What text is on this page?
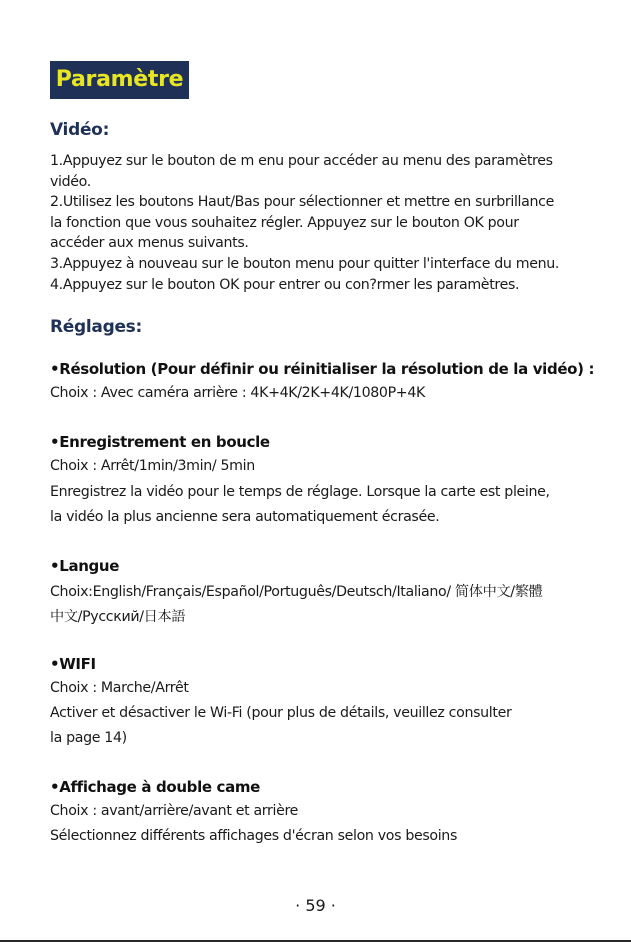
Paramètre
Vidéo:
1.Appuyez sur le bouton de m enu pour accéder au menu des paramètres
vidéo.
2.Utilisez les boutons Haut/Bas pour sélectionner et mettre en surbrillance
la fonction que vous souhaitez régler. Appuyez sur le bouton OK pour
accéder aux menus suivants.
3.Appuyez à nouveau sur le bouton menu pour quitter l'interface du menu.
4.Appuyez sur le bouton OK pour entrer ou con?rmer les paramètres.
Réglages:
•Résolution (Pour définir ou réinitialiser la résolution de la vidéo) :
Choix : Avec caméra arrière : 4K+4K/2K+4K/1080P+4K
•Enregistrement en boucle
Choix : Arrêt/1min/3min/ 5min
Enregistrez la vidéo pour le temps de réglage. Lorsque la carte est pleine,
la vidéo la plus ancienne sera automatiquement écrasée.
•Langue
Choix:English/Français/Español/Português/Deutsch/Italiano/ 简体中文/繁體
中文/Русский/日本語
•WIFI
Choix : Marche/Arrêt
Activer et désactiver le Wi-Fi (pour plus de détails, veuillez consulter
la page 14)
•Affichage à double came
Choix : avant/arrière/avant et arrière
Sélectionnez différents affichages d'écran selon vos besoins
· 59 ·
